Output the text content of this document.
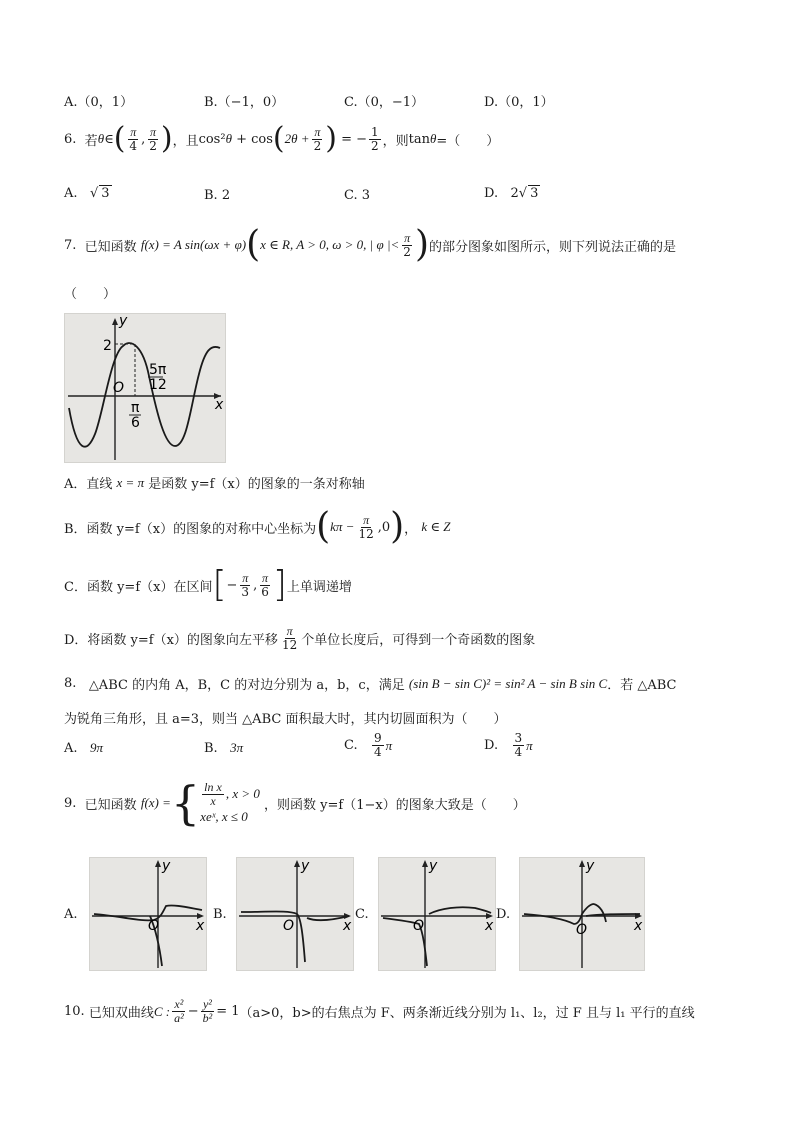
A.（0，1）	B.（−1，0）	C.（0，−1）	D.（0，1）
6.
若 θ ∈ ( $\frac{\pi}{4}$ , $\frac{\pi}{2}$ ) ，且 cos² θ
+ cos ( $2\theta + \frac{\pi}{2}$ )
= − $\frac{1}{2}$ ，则 tan θ =（　　）
A. √ 3	B. 2	C. 3	D. 2√ 3
7.
已知函数
f(x) = A sin(ωx + φ) ( x ∈ R, A > 0, ω > 0, | φ |< $\frac{\pi}{2}$ ) 的部分图象如图所示，则下列说法正确的是
（　　）
y
x
2
O
5π
12
π
6
A．直线
x = π
是函数 y=f（x）的图象的一条对称轴
B．函数 y=f（x）的图象的对称中心坐标为 ( $k\pi - \frac{\pi}{12} ,0$ ) ，
k ∈ Z
C．函数 y=f（x）在区间 [ − $\frac{\pi}{3}$ , $\frac{\pi}{6}$ ] 上单调递增
D．将函数 y=f（x）的图象向左平移 $\frac{\pi}{12}$ 个单位长度后，可得到一个奇函数的图象
8.
△ABC 的内角 A，B，C 的对边分别为 a，b，c，满足
(sin B − sin C)² = sin² A − sin B sin C ．若 △ABC
为锐角三角形，且 a=3，则当 △ABC 面积最大时，其内切圆面积为（　　）
A. 9π	B. 3π	C.
$\frac{9}{4}$ π	D.
$\frac{3}{4}$ π
9.
已知函数
f(x) = { $\frac{\text{ln x}}{x}$ , x > 0
xeˣ, x ≤ 0

，则函数 y=f（1−x）的图象大致是（　　）
A.
y
x
O
B.
y
x
O
C.
y
x
O
D.
y
x
O
10.
已知双曲线 C : $\frac{\text{x²}}{\text{a²}} - \frac{\text{y²}}{\text{b²}} = 1$ （a>0，b>的右焦点为 F、两条渐近线分别为 l₁、l₂，过 F 且与 l₁ 平行的直线
